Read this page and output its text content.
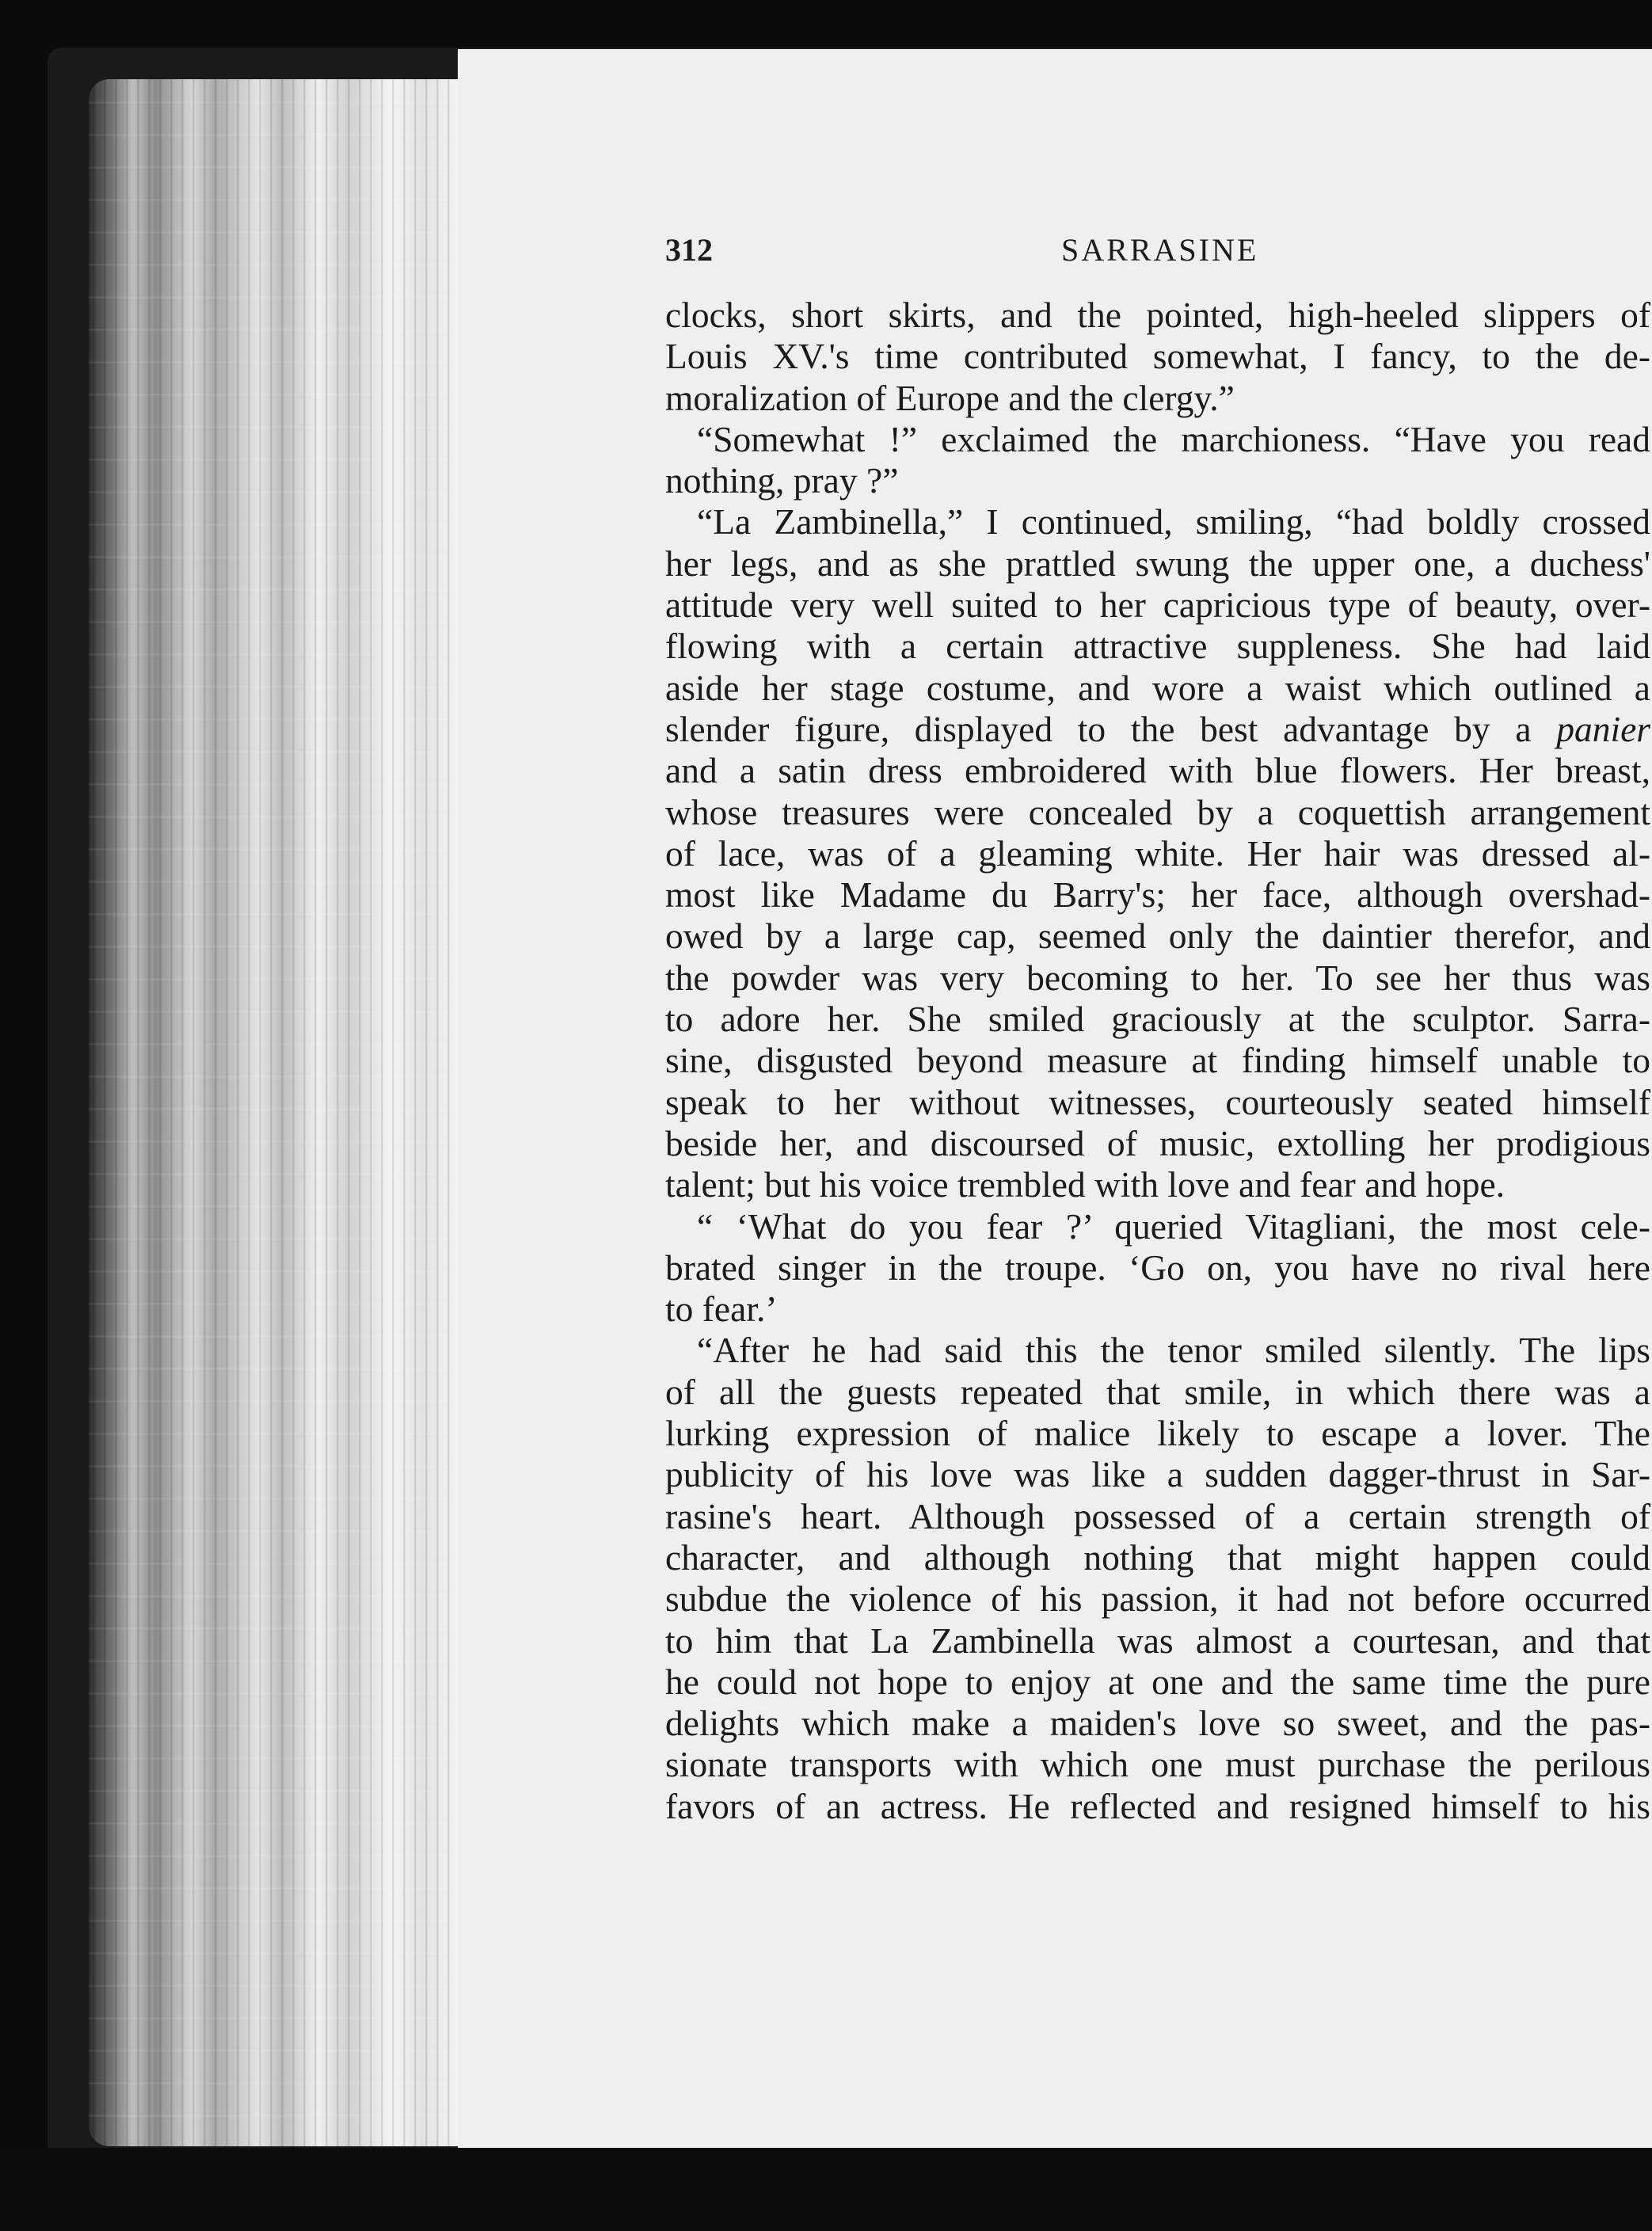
312	SARRASINE
clocks, short skirts, and the pointed, high-heeled slippers of
Louis XV.'s time contributed somewhat, I fancy, to the de-
moralization of Europe and the clergy.”
“Somewhat !” exclaimed the marchioness. “Have you read
nothing, pray ?”
“La Zambinella,” I continued, smiling, “had boldly crossed
her legs, and as she prattled swung the upper one, a duchess'
attitude very well suited to her capricious type of beauty, over-
flowing with a certain attractive suppleness. She had laid
aside her stage costume, and wore a waist which outlined a
slender figure, displayed to the best advantage by a panier
and a satin dress embroidered with blue flowers. Her breast,
whose treasures were concealed by a coquettish arrangement
of lace, was of a gleaming white. Her hair was dressed al-
most like Madame du Barry's; her face, although overshad-
owed by a large cap, seemed only the daintier therefor, and
the powder was very becoming to her. To see her thus was
to adore her. She smiled graciously at the sculptor. Sarra-
sine, disgusted beyond measure at finding himself unable to
speak to her without witnesses, courteously seated himself
beside her, and discoursed of music, extolling her prodigious
talent; but his voice trembled with love and fear and hope.
“ ‘What do you fear ?’ queried Vitagliani, the most cele-
brated singer in the troupe. ‘Go on, you have no rival here
to fear.’
“After he had said this the tenor smiled silently. The lips
of all the guests repeated that smile, in which there was a
lurking expression of malice likely to escape a lover. The
publicity of his love was like a sudden dagger-thrust in Sar-
rasine's heart. Although possessed of a certain strength of
character, and although nothing that might happen could
subdue the violence of his passion, it had not before occurred
to him that La Zambinella was almost a courtesan, and that
he could not hope to enjoy at one and the same time the pure
delights which make a maiden's love so sweet, and the pas-
sionate transports with which one must purchase the perilous
favors of an actress. He reflected and resigned himself to his
